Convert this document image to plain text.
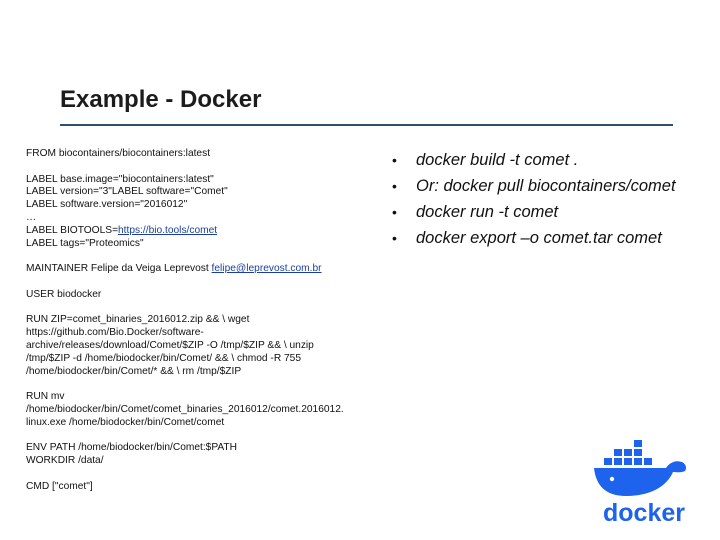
Example - Docker
FROM biocontainers/biocontainers:latest
LABEL base.image="biocontainers:latest"
LABEL version="3"LABEL software="Comet"
LABEL software.version="2016012"
…
LABEL BIOTOOLS=https://bio.tools/comet
LABEL tags="Proteomics"
MAINTAINER Felipe da Veiga Leprevost felipe@leprevost.com.br
USER biodocker
RUN ZIP=comet_binaries_2016012.zip && \ wget
https://github.com/Bio.Docker/software-
archive/releases/download/Comet/$ZIP -O /tmp/$ZIP && \ unzip
/tmp/$ZIP -d /home/biodocker/bin/Comet/ && \ chmod -R 755
/home/biodocker/bin/Comet/* && \ rm /tmp/$ZIP
RUN mv
/home/biodocker/bin/Comet/comet_binaries_2016012/comet.2016012.
linux.exe /home/biodocker/bin/Comet/comet
ENV PATH /home/biodocker/bin/Comet:$PATH
WORKDIR /data/
CMD ["comet"]
• docker build -t comet .
• Or: docker pull biocontainers/comet
• docker run -t comet
• docker export –o comet.tar comet
docker
